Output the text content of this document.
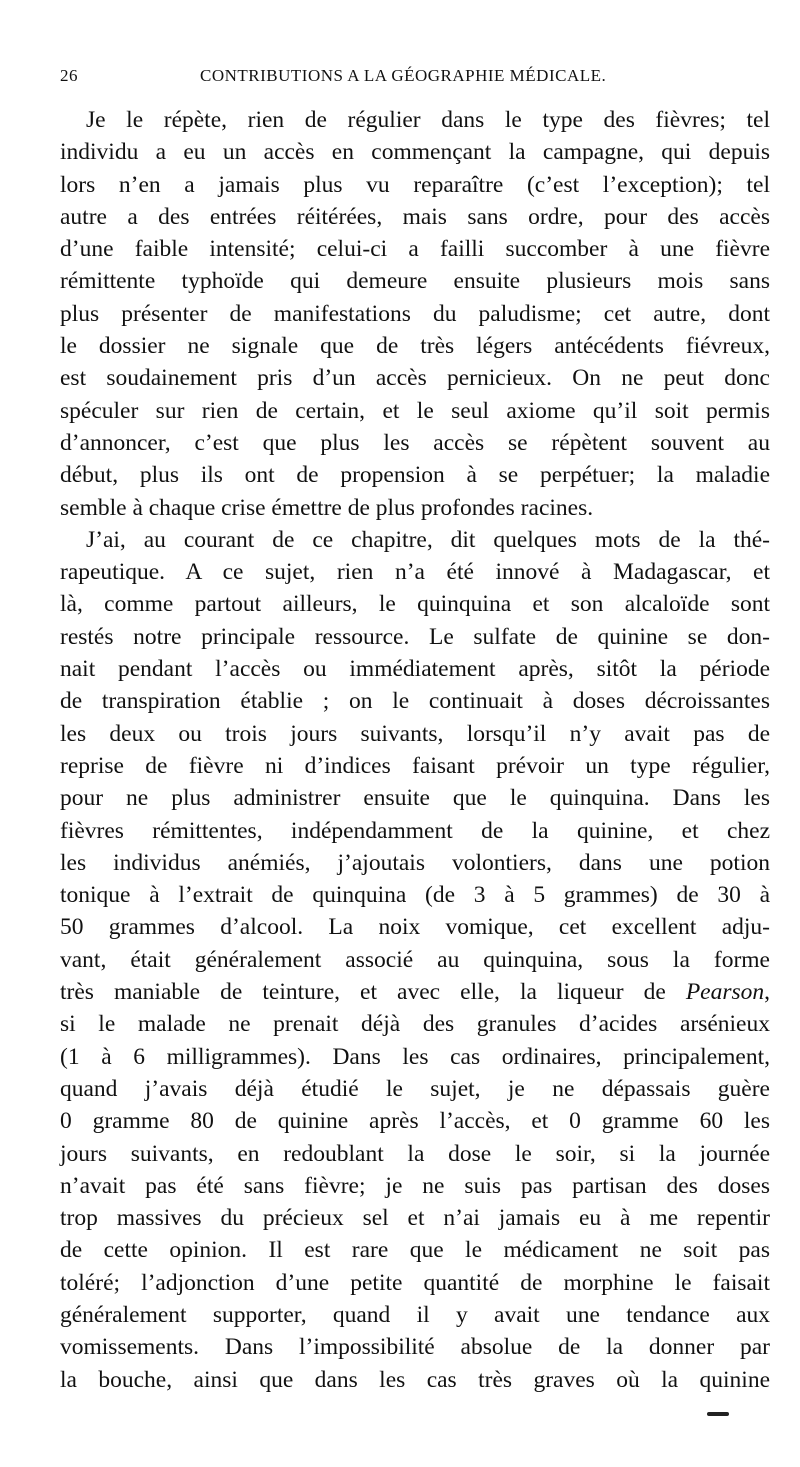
26	CONTRIBUTIONS A LA GÉOGRAPHIE MÉDICALE.
Je le répète, rien de régulier dans le type des fièvres; tel
individu a eu un accès en commençant la campagne, qui depuis
lors n’en a jamais plus vu reparaître (c’est l’exception); tel
autre a des entrées réitérées, mais sans ordre, pour des accès
d’une faible intensité; celui-ci a failli succomber à une fièvre
rémittente typhoïde qui demeure ensuite plusieurs mois sans
plus présenter de manifestations du paludisme; cet autre, dont
le dossier ne signale que de très légers antécédents fiévreux,
est soudainement pris d’un accès pernicieux. On ne peut donc
spéculer sur rien de certain, et le seul axiome qu’il soit permis
d’annoncer, c’est que plus les accès se répètent souvent au
début, plus ils ont de propension à se perpétuer; la maladie
semble à chaque crise émettre de plus profondes racines.
J’ai, au courant de ce chapitre, dit quelques mots de la thé-
rapeutique. A ce sujet, rien n’a été innové à Madagascar, et
là, comme partout ailleurs, le quinquina et son alcaloïde sont
restés notre principale ressource. Le sulfate de quinine se don-
nait pendant l’accès ou immédiatement après, sitôt la période
de transpiration établie ; on le continuait à doses décroissantes
les deux ou trois jours suivants, lorsqu’il n’y avait pas de
reprise de fièvre ni d’indices faisant prévoir un type régulier,
pour ne plus administrer ensuite que le quinquina. Dans les
fièvres rémittentes, indépendamment de la quinine, et chez
les individus anémiés, j’ajoutais volontiers, dans une potion
tonique à l’extrait de quinquina (de 3 à 5 grammes) de 30 à
50 grammes d’alcool. La noix vomique, cet excellent adju-
vant, était généralement associé au quinquina, sous la forme
très maniable de teinture, et avec elle, la liqueur de Pearson,
si le malade ne prenait déjà des granules d’acides arsénieux
(1 à 6 milligrammes). Dans les cas ordinaires, principalement,
quand j’avais déjà étudié le sujet, je ne dépassais guère
0 gramme 80 de quinine après l’accès, et 0 gramme 60 les
jours suivants, en redoublant la dose le soir, si la journée
n’avait pas été sans fièvre; je ne suis pas partisan des doses
trop massives du précieux sel et n’ai jamais eu à me repentir
de cette opinion. Il est rare que le médicament ne soit pas
toléré; l’adjonction d’une petite quantité de morphine le faisait
généralement supporter, quand il y avait une tendance aux
vomissements. Dans l’impossibilité absolue de la donner par
la bouche, ainsi que dans les cas très graves où la quinine
